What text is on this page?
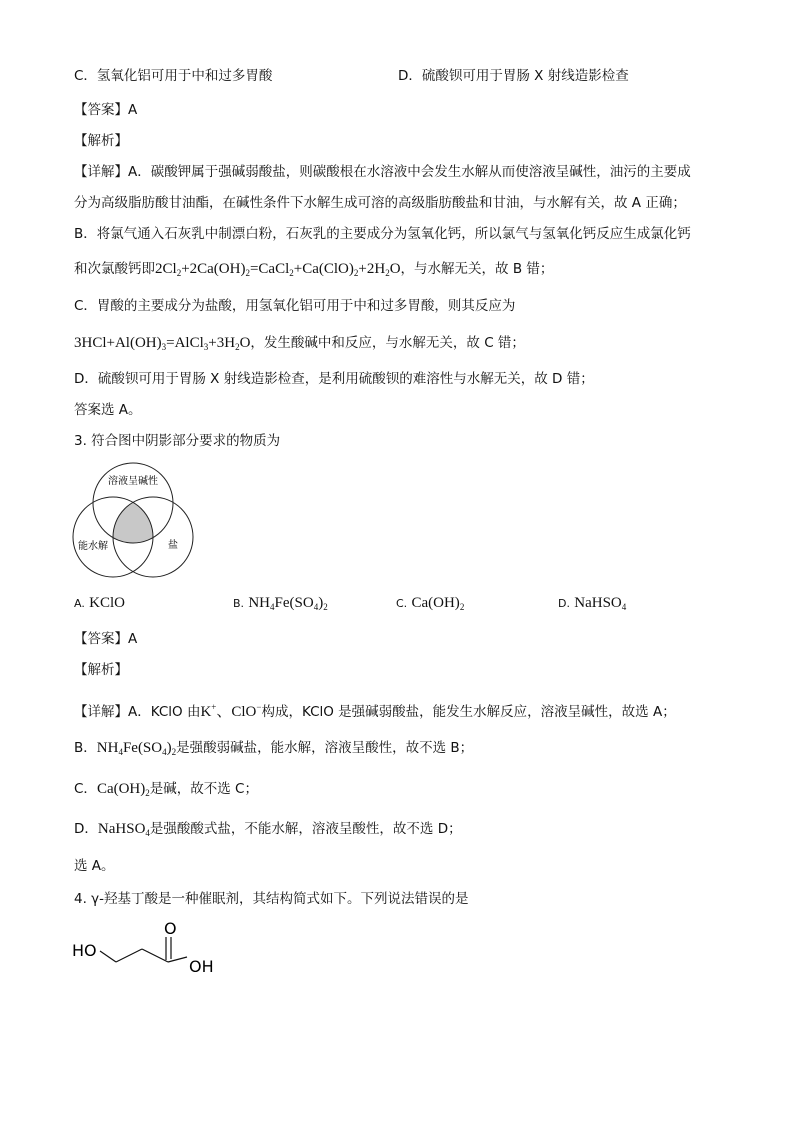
C．氢氧化铝可用于中和过多胃酸	D．硫酸钡可用于胃肠 X 射线造影检查
【答案】A
【解析】
【详解】A．碳酸钾属于强碱弱酸盐，则碳酸根在水溶液中会发生水解从而使溶液呈碱性，油污的主要成
分为高级脂肪酸甘油酯，在碱性条件下水解生成可溶的高级脂肪酸盐和甘油，与水解有关，故 A 正确；
B．将氯气通入石灰乳中制漂白粉，石灰乳的主要成分为氢氧化钙，所以氯气与氢氧化钙反应生成氯化钙
和次氯酸钙即$2Cl_2+2Ca(OH)_2=CaCl_2+Ca(ClO)_2+2H_2O$，与水解无关，故 B 错；
C．胃酸的主要成分为盐酸，用氢氧化铝可用于中和过多胃酸，则其反应为
$3HCl+Al(OH)_3=AlCl_3+3H_2O$，发生酸碱中和反应，与水解无关，故 C 错；
D．硫酸钡可用于胃肠 X 射线造影检查，是利用硫酸钡的难溶性与水解无关，故 D 错；
答案选 A。
3. 符合图中阴影部分要求的物质为
溶液呈碱性
能水解	盐
A. KClO	B. $NH_4Fe(SO_4)_2$	C. $Ca(OH)_2$	D. NaHSO$_4$
【答案】A
【解析】
【详解】A．KClO 由K+、ClO−构成，KClO 是强碱弱酸盐，能发生水解反应，溶液呈碱性，故选 A；
B．$NH_4Fe(SO_4)_2$是强酸弱碱盐，能水解，溶液呈酸性，故不选 B；
C．$Ca(OH)_2$是碱，故不选 C；
D．NaHSO$_4$是强酸酸式盐，不能水解，溶液呈酸性，故不选 D；
选 A。
4. γ-羟基丁酸是一种催眠剂，其结构简式如下。下列说法错误的是
HO
O
OH
